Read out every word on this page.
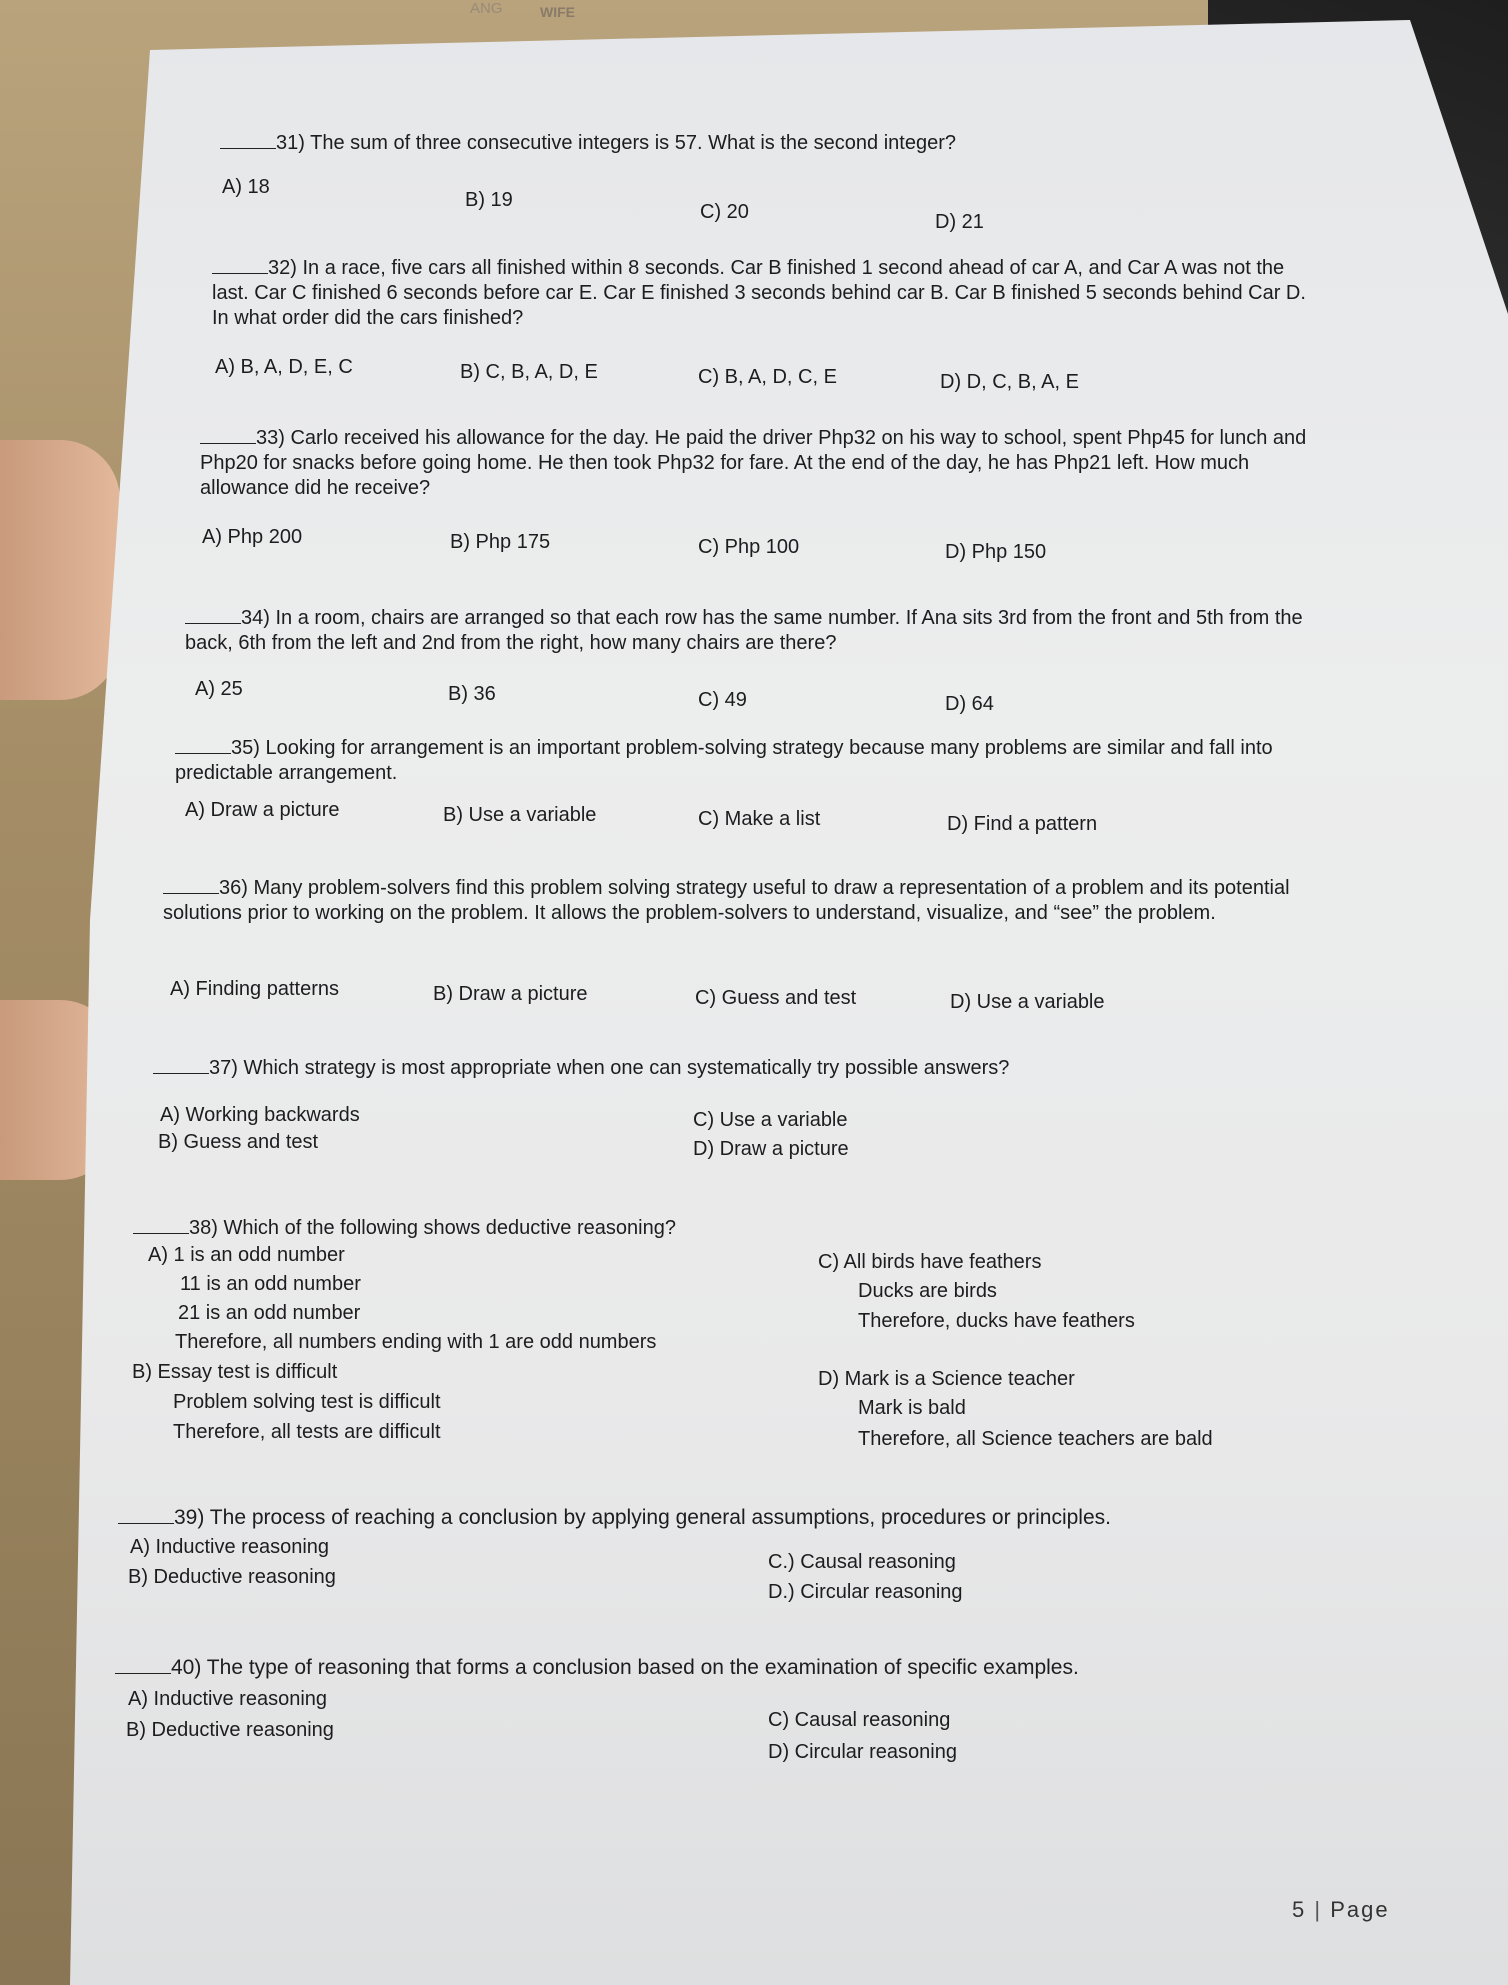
ANG	WIFE
31) The sum of three consecutive integers is 57. What is the second integer?
A) 18
B) 19
C) 20	D) 21
32) In a race, five cars all finished within 8 seconds. Car B finished 1 second ahead of car A, and Car A was not the last. Car C finished 6 seconds before car E. Car E finished 3 seconds behind car B. Car B finished 5 seconds behind Car D. In what order did the cars finished?
A) B, A, D, E, C	B) C, B, A, D, E	C) B, A, D, C, E	D) D, C, B, A, E
33) Carlo received his allowance for the day. He paid the driver Php32 on his way to school, spent Php45 for lunch and Php20 for snacks before going home. He then took Php32 for fare. At the end of the day, he has Php21 left. How much allowance did he receive?
A) Php 200	B) Php 175	C) Php 100	D) Php 150
34) In a room, chairs are arranged so that each row has the same number. If Ana sits 3rd from the front and 5th from the back, 6th from the left and 2nd from the right, how many chairs are there?
A) 25	B) 36	C) 49	D) 64
35) Looking for arrangement is an important problem-solving strategy because many problems are similar and fall into predictable arrangement.
A) Draw a picture	B) Use a variable	C) Make a list	D) Find a pattern
36) Many problem-solvers find this problem solving strategy useful to draw a representation of a problem and its potential solutions prior to working on the problem. It allows the problem-solvers to understand, visualize, and “see” the problem.
A) Finding patterns	B) Draw a picture	C) Guess and test	D) Use a variable
37) Which strategy is most appropriate when one can systematically try possible answers?
A) Working backwards
B) Guess and test
C) Use a variable
D) Draw a picture
38) Which of the following shows deductive reasoning?
A) 1 is an odd number
11 is an odd number
21 is an odd number
Therefore, all numbers ending with 1 are odd numbers
B) Essay test is difficult
Problem solving test is difficult
Therefore, all tests are difficult
C) All birds have feathers
Ducks are birds
Therefore, ducks have feathers
D) Mark is a Science teacher
Mark is bald
Therefore, all Science teachers are bald
39) The process of reaching a conclusion by applying general assumptions, procedures or principles.
A) Inductive reasoning
B) Deductive reasoning
C.) Causal reasoning
D.) Circular reasoning
40) The type of reasoning that forms a conclusion based on the examination of specific examples.
A) Inductive reasoning
B) Deductive reasoning	C) Causal reasoning
D) Circular reasoning
5 | Page
